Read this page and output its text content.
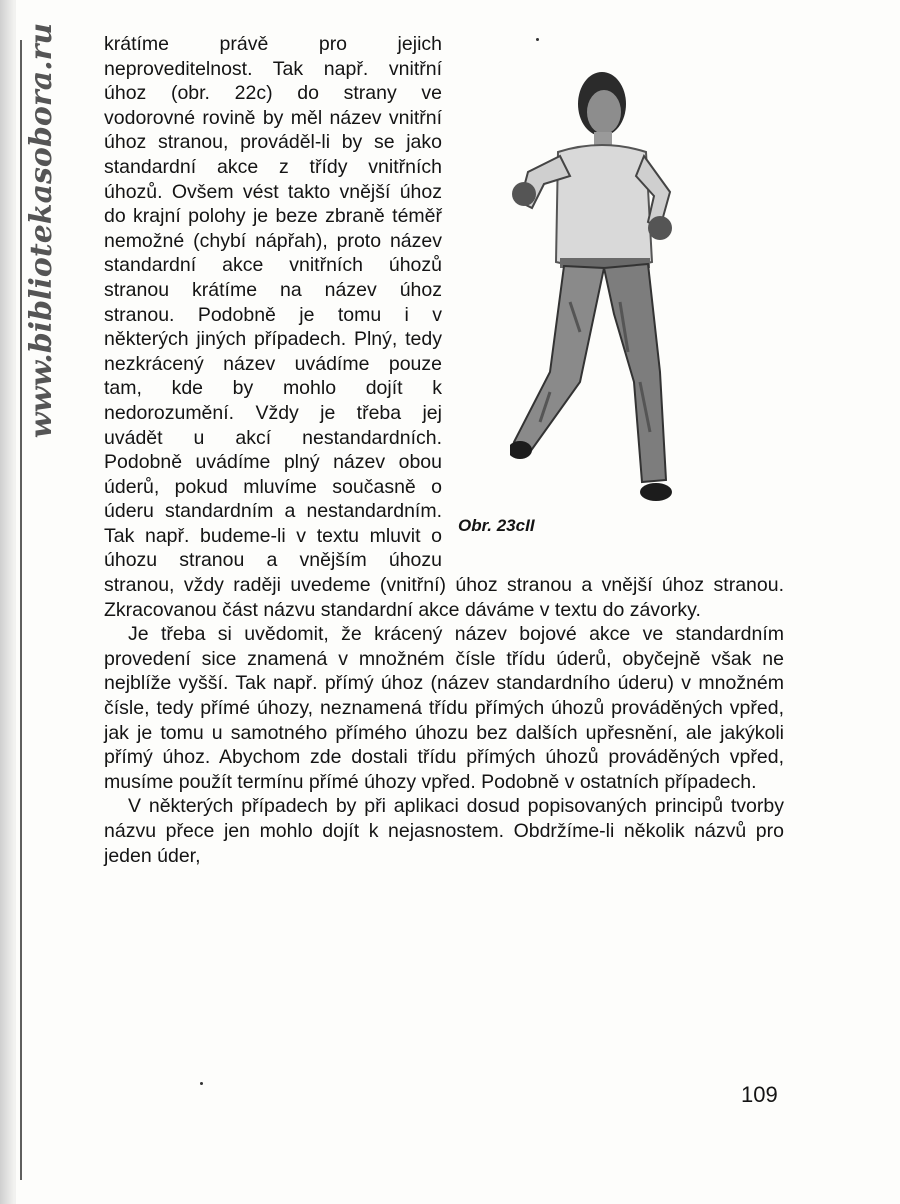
www.bibliotekasobora.ru
Obr. 23cII

krátíme právě pro jejich neproveditelnost. Tak např. vnitřní úhoz (obr. 22c) do strany ve vodorovné rovině by měl název vnitřní úhoz stranou, prováděl-li by se jako standardní akce z třídy vnitřních úhozů. Ovšem vést takto vnější úhoz do krajní polohy je beze zbraně téměř nemožné (chybí nápřah), proto název standardní akce vnitřních úhozů stranou krátíme na název úhoz stranou. Podobně je tomu i v některých jiných případech. Plný, tedy nezkrácený název uvádíme pouze tam, kde by mohlo dojít k nedorozumění. Vždy je třeba jej uvádět u akcí nestandardních. Podobně uvádíme plný název obou úderů, pokud mluvíme současně o úderu standardním a nestandardním. Tak např. budeme-li v textu mluvit o úhozu stranou a vnějším úhozu stranou, vždy raději uvedeme (vnitřní) úhoz stranou a vnější úhoz stranou. Zkracovanou část názvu standardní akce dáváme v textu do závorky.

Je třeba si uvědomit, že krácený název bojové akce ve standardním provedení sice znamená v množném čísle třídu úderů, obyčejně však ne nejblíže vyšší. Tak např. přímý úhoz (název standardního úderu) v množném čísle, tedy přímé úhozy, neznamená třídu přímých úhozů prováděných vpřed, jak je tomu u samotného přímého úhozu bez dalších upřesnění, ale jakýkoli přímý úhoz. Abychom zde dostali třídu přímých úhozů prováděných vpřed, musíme použít termínu přímé úhozy vpřed. Podobně v ostatních případech.

V některých případech by při aplikaci dosud popisovaných principů tvorby názvu přece jen mohlo dojít k nejasnostem. Obdržíme-li několik názvů pro jeden úder,

109
